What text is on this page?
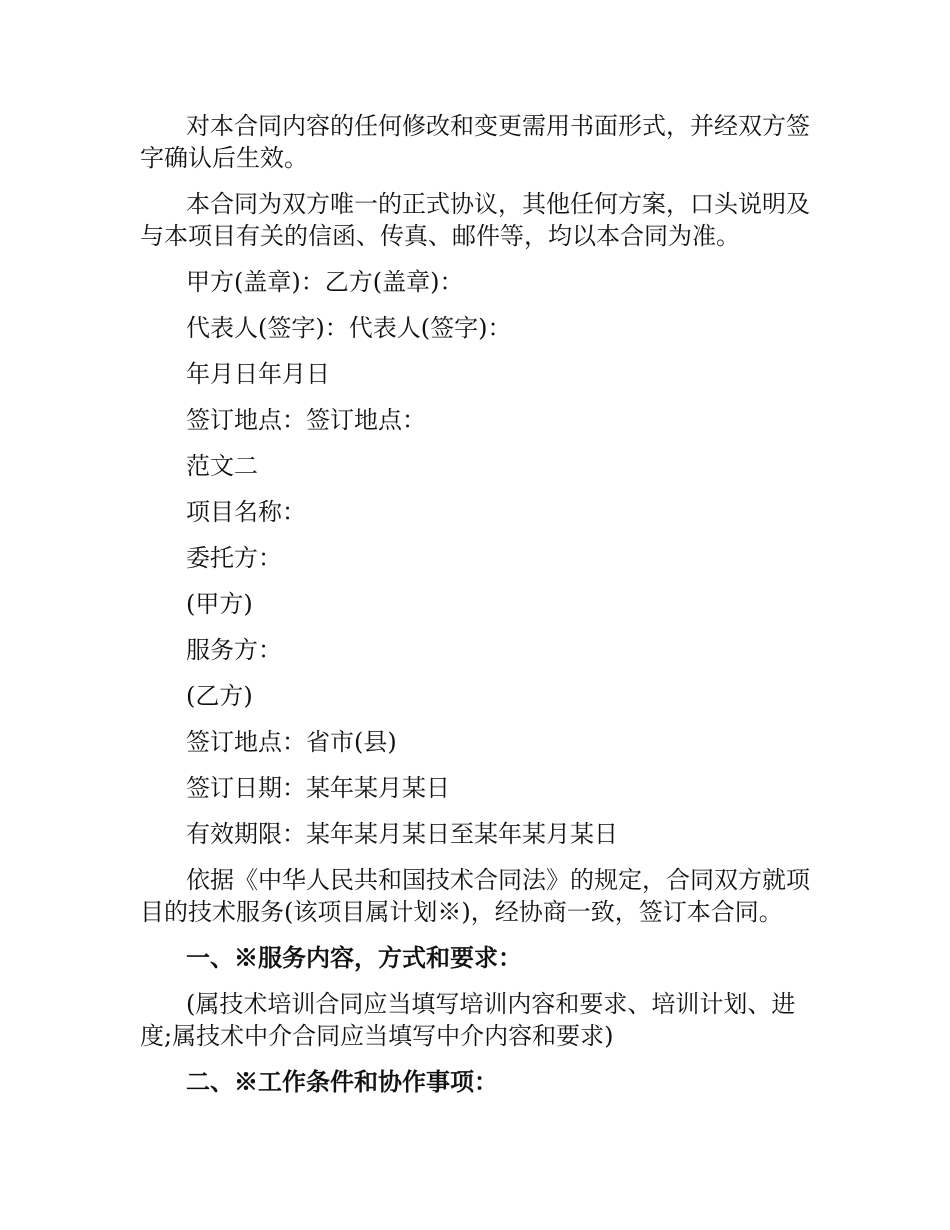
对本合同内容的任何修改和变更需用书面形式，并经双方签字确认后生效。

本合同为双方唯一的正式协议，其他任何方案，口头说明及与本项目有关的信函、传真、邮件等，均以本合同为准。

甲方(盖章)：乙方(盖章)：

代表人(签字)：代表人(签字)：

年月日年月日

签订地点：签订地点：

范文二

项目名称：

委托方：

(甲方)

服务方：

(乙方)

签订地点：省市(县)

签订日期：某年某月某日

有效期限：某年某月某日至某年某月某日

依据《中华人民共和国技术合同法》的规定，合同双方就项目的技术服务(该项目属计划※)，经协商一致，签订本合同。

一、※服务内容，方式和要求：

(属技术培训合同应当填写培训内容和要求、培训计划、进度;属技术中介合同应当填写中介内容和要求)

二、※工作条件和协作事项：
